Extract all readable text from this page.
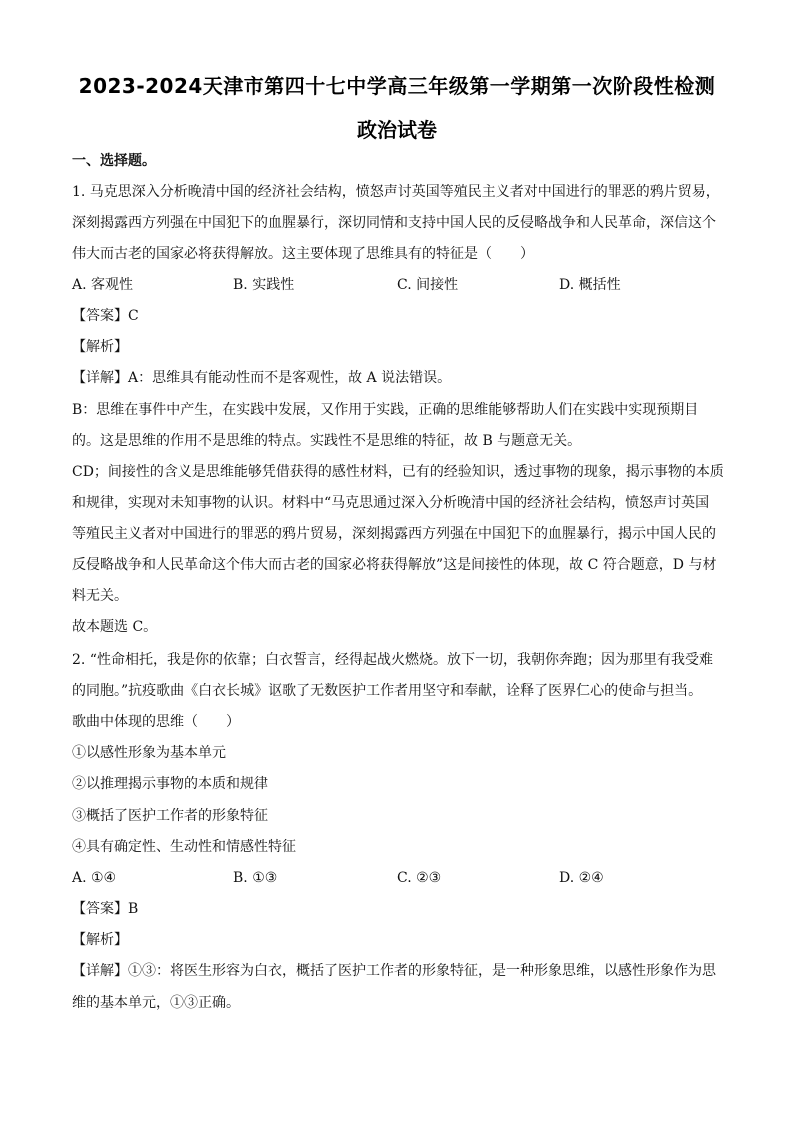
2023-2024天津市第四十七中学高三年级第一学期第一次阶段性检测
政治试卷
一、选择题。
1. 马克思深入分析晚清中国的经济社会结构，愤怒声讨英国等殖民主义者对中国进行的罪恶的鸦片贸易，
深刻揭露西方列强在中国犯下的血腥暴行，深切同情和支持中国人民的反侵略战争和人民革命，深信这个
伟大而古老的国家必将获得解放。这主要体现了思维具有的特征是（　　）
A. 客观性	B. 实践性	C. 间接性	D. 概括性
【答案】C
【解析】
【详解】A：思维具有能动性而不是客观性，故 A 说法错误。
B：思维在事件中产生，在实践中发展，又作用于实践，正确的思维能够帮助人们在实践中实现预期目
的。这是思维的作用不是思维的特点。实践性不是思维的特征，故 B 与题意无关。
CD；间接性的含义是思维能够凭借获得的感性材料，已有的经验知识，透过事物的现象，揭示事物的本质
和规律，实现对未知事物的认识。材料中“马克思通过深入分析晚清中国的经济社会结构，愤怒声讨英国
等殖民主义者对中国进行的罪恶的鸦片贸易，深刻揭露西方列强在中国犯下的血腥暴行，揭示中国人民的
反侵略战争和人民革命这个伟大而古老的国家必将获得解放”这是间接性的体现，故 C 符合题意，D 与材
料无关。
故本题选 C。
2. “性命相托，我是你的依靠；白衣誓言，经得起战火燃烧。放下一切，我朝你奔跑；因为那里有我受难
的同胞。”抗疫歌曲《白衣长城》讴歌了无数医护工作者用坚守和奉献，诠释了医界仁心的使命与担当。
歌曲中体现的思维（　　）
①以感性形象为基本单元
②以推理揭示事物的本质和规律
③概括了医护工作者的形象特征
④具有确定性、生动性和情感性特征
A. ①④	B. ①③	C. ②③	D. ②④
【答案】B
【解析】
【详解】①③：将医生形容为白衣，概括了医护工作者的形象特征，是一种形象思维，以感性形象作为思
维的基本单元，①③正确。
